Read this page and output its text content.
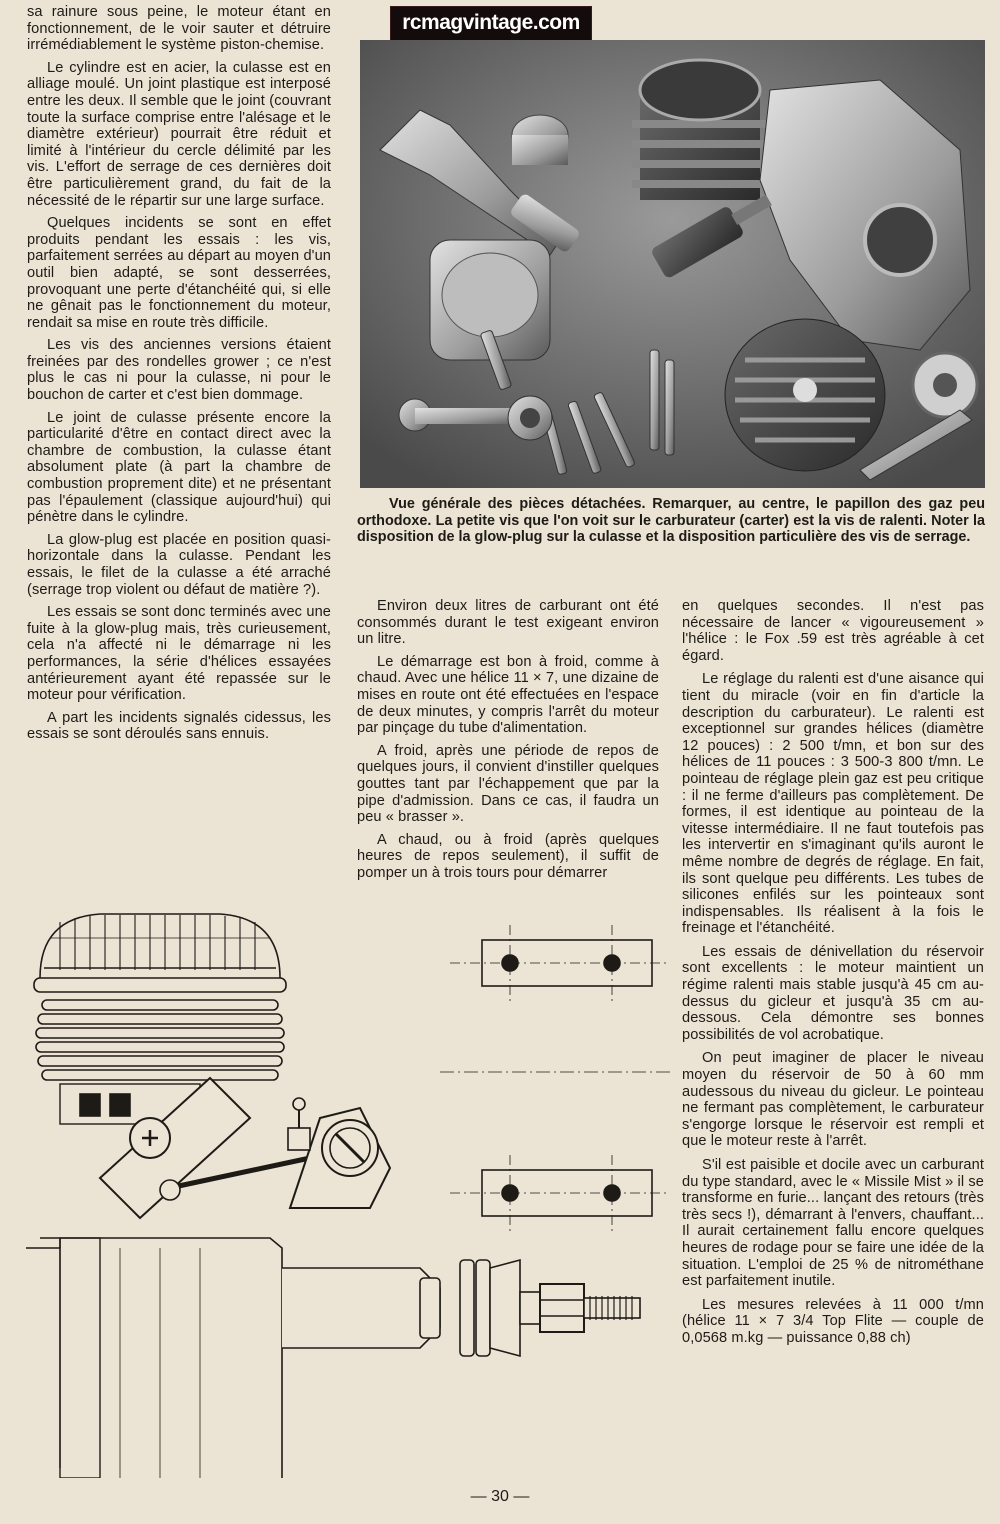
rcmagvintage.com

Vue générale des pièces détachées. Remarquer, au centre, le papillon des gaz peu orthodoxe. La petite vis que l'on voit sur le carburateur (carter) est la vis de ralenti. Noter la disposition de la glow-plug sur la culasse et la disposition particulière des vis de serrage.

sa rainure sous peine, le moteur étant en fonctionnement, de le voir sauter et détruire irrémédiablement le système piston-chemise.

Le cylindre est en acier, la culasse est en alliage moulé. Un joint plastique est interposé entre les deux. Il semble que le joint (couvrant toute la surface comprise entre l'alésage et le diamètre extérieur) pourrait être réduit et limité à l'intérieur du cercle délimité par les vis. L'effort de serrage de ces dernières doit être particulièrement grand, du fait de la nécessité de le répartir sur une large surface.

Quelques incidents se sont en effet produits pendant les essais : les vis, parfaitement serrées au départ au moyen d'un outil bien adapté, se sont desserrées, provoquant une perte d'étanchéité qui, si elle ne gênait pas le fonctionnement du moteur, rendait sa mise en route très difficile.

Les vis des anciennes versions étaient freinées par des rondelles grower ; ce n'est plus le cas ni pour la culasse, ni pour le bouchon de carter et c'est bien dommage.

Le joint de culasse présente encore la particularité d'être en contact direct avec la chambre de combustion, la culasse étant absolument plate (à part la chambre de combustion proprement dite) et ne présentant pas l'épaulement (classique aujourd'hui) qui pénètre dans le cylindre.

La glow-plug est placée en position quasi-horizontale dans la culasse. Pendant les essais, le filet de la culasse a été arraché (serrage trop violent ou défaut de matière ?).

Les essais se sont donc terminés avec une fuite à la glow-plug mais, très curieusement, cela n'a affecté ni le démarrage ni les performances, la série d'hélices essayées antérieurement ayant été repassée sur le moteur pour vérification.

A part les incidents signalés cidessus, les essais se sont déroulés sans ennuis.

Environ deux litres de carburant ont été consommés durant le test exigeant environ un litre.

Le démarrage est bon à froid, comme à chaud. Avec une hélice 11 × 7, une dizaine de mises en route ont été effectuées en l'espace de deux minutes, y compris l'arrêt du moteur par pinçage du tube d'alimentation.

A froid, après une période de repos de quelques jours, il convient d'instiller quelques gouttes tant par l'échappement que par la pipe d'admission. Dans ce cas, il faudra un peu « brasser ».

A chaud, ou à froid (après quelques heures de repos seulement), il suffit de pomper un à trois tours pour démarrer

en quelques secondes. Il n'est pas nécessaire de lancer « vigoureusement » l'hélice : le Fox .59 est très agréable à cet égard.

Le réglage du ralenti est d'une aisance qui tient du miracle (voir en fin d'article la description du carburateur). Le ralenti est exceptionnel sur grandes hélices (diamètre 12 pouces) : 2 500 t/mn, et bon sur des hélices de 11 pouces : 3 500-3 800 t/mn. Le pointeau de réglage plein gaz est peu critique : il ne ferme d'ailleurs pas complètement. De formes, il est identique au pointeau de la vitesse intermédiaire. Il ne faut toutefois pas les intervertir en s'imaginant qu'ils auront le même nombre de degrés de réglage. En fait, ils sont quelque peu différents. Les tubes de silicones enfilés sur les pointeaux sont indispensables. Ils réalisent à la fois le freinage et l'étanchéité.

Les essais de dénivellation du réservoir sont excellents : le moteur maintient un régime ralenti mais stable jusqu'à 45 cm au-dessus du gicleur et jusqu'à 35 cm au-dessous. Cela démontre ses bonnes possibilités de vol acrobatique.

On peut imaginer de placer le niveau moyen du réservoir de 50 à 60 mm audessous du niveau du gicleur. Le pointeau ne fermant pas complètement, le carburateur s'engorge lorsque le réservoir est rempli et que le moteur reste à l'arrêt.

S'il est paisible et docile avec un carburant du type standard, avec le « Missile Mist » il se transforme en furie... lançant des retours (très très secs !), démarrant à l'envers, chauffant... Il aurait certainement fallu encore quelques heures de rodage pour se faire une idée de la situation. L'emploi de 25 % de nitrométhane est parfaitement inutile.

Les mesures relevées à 11 000 t/mn (hélice 11 × 7 3/4 Top Flite — couple de 0,0568 m.kg — puissance 0,88 ch)

— 30 —
